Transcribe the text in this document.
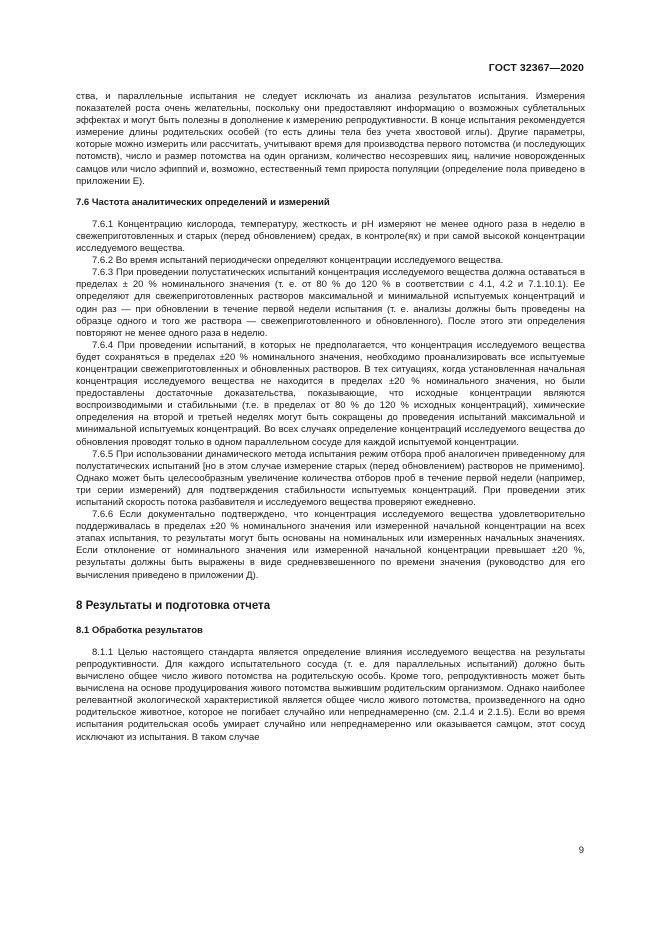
ГОСТ 32367—2020

ства, и параллельные испытания не следует исключать из анализа результатов испытания. Измерения показателей роста очень желательны, поскольку они предоставляют информацию о возможных сублетальных эффектах и могут быть полезны в дополнение к измерению репродуктивности. В конце испытания рекомендуется измерение длины родительских особей (то есть длины тела без учета хвостовой иглы). Другие параметры, которые можно измерить или рассчитать, учитывают время для производства первого потомства (и последующих потомств), число и размер потомства на один организм, количество несозревших яиц, наличие новорожденных самцов или число эфиппий и, возможно, естественный темп прироста популяции (определение пола приведено в приложении Е).

7.6 Частота аналитических определений и измерений

7.6.1 Концентрацию кислорода, температуру, жесткость и pH измеряют не менее одного раза в неделю в свежеприготовленных и старых (перед обновлением) средах, в контроле(ях) и при самой высокой концентрации исследуемого вещества.

7.6.2 Во время испытаний периодически определяют концентрации исследуемого вещества.

7.6.3 При проведении полустатических испытаний концентрация исследуемого вещества должна оставаться в пределах ± 20 % номинального значения (т. е. от 80 % до 120 % в соответствии с 4.1, 4.2 и 7.1.10.1). Ее определяют для свежеприготовленных растворов максимальной и минимальной испытуемых концентраций и один раз — при обновлении в течение первой недели испытания (т. е. анализы должны быть проведены на образце одного и того же раствора — свежеприготовленного и обновленного). После этого эти определения повторяют не менее одного раза в неделю.

7.6.4 При проведении испытаний, в которых не предполагается, что концентрация исследуемого вещества будет сохраняться в пределах ±20 % номинального значения, необходимо проанализировать все испытуемые концентрации свежеприготовленных и обновленных растворов. В тех ситуациях, когда установленная начальная концентрация исследуемого вещества не находится в пределах ±20 % номинального значения, но были предоставлены достаточные доказательства, показывающие, что исходные концентрации являются воспроизводимыми и стабильными (т.е. в пределах от 80 % до 120 % исходных концентраций), химические определения на второй и третьей неделях могут быть сокращены до проведения испытаний максимальной и минимальной испытуемых концентраций. Во всех случаях определение концентраций исследуемого вещества до обновления проводят только в одном параллельном сосуде для каждой испытуемой концентрации.

7.6.5 При использовании динамического метода испытания режим отбора проб аналогичен приведенному для полустатических испытаний [но в этом случае измерение старых (перед обновлением) растворов не применимо]. Однако может быть целесообразным увеличение количества отборов проб в течение первой недели (например, три серии измерений) для подтверждения стабильности испытуемых концентраций. При проведении этих испытаний скорость потока разбавителя и исследуемого вещества проверяют ежедневно.

7.6.6 Если документально подтверждено, что концентрация исследуемого вещества удовлетворительно поддерживалась в пределах ±20 % номинального значения или измеренной начальной концентрации на всех этапах испытания, то результаты могут быть основаны на номинальных или измеренных начальных значениях. Если отклонение от номинального значения или измеренной начальной концентрации превышает ±20 %, результаты должны быть выражены в виде средневзвешенного по времени значения (руководство для его вычисления приведено в приложении Д).

8 Результаты и подготовка отчета

8.1 Обработка результатов

8.1.1 Целью настоящего стандарта является определение влияния исследуемого вещества на результаты репродуктивности. Для каждого испытательного сосуда (т. е. для параллельных испытаний) должно быть вычислено общее число живого потомства на родительскую особь. Кроме того, репродуктивность может быть вычислена на основе продуцирования живого потомства выжившим родительским организмом. Однако наиболее релевантной экологической характеристикой является общее число живого потомства, произведенного на одно родительское животное, которое не погибает случайно или непреднамеренно (см. 2.1.4 и 2.1.5). Если во время испытания родительская особь умирает случайно или непреднамеренно или оказывается самцом, этот сосуд исключают из испытания. В таком случае

9
